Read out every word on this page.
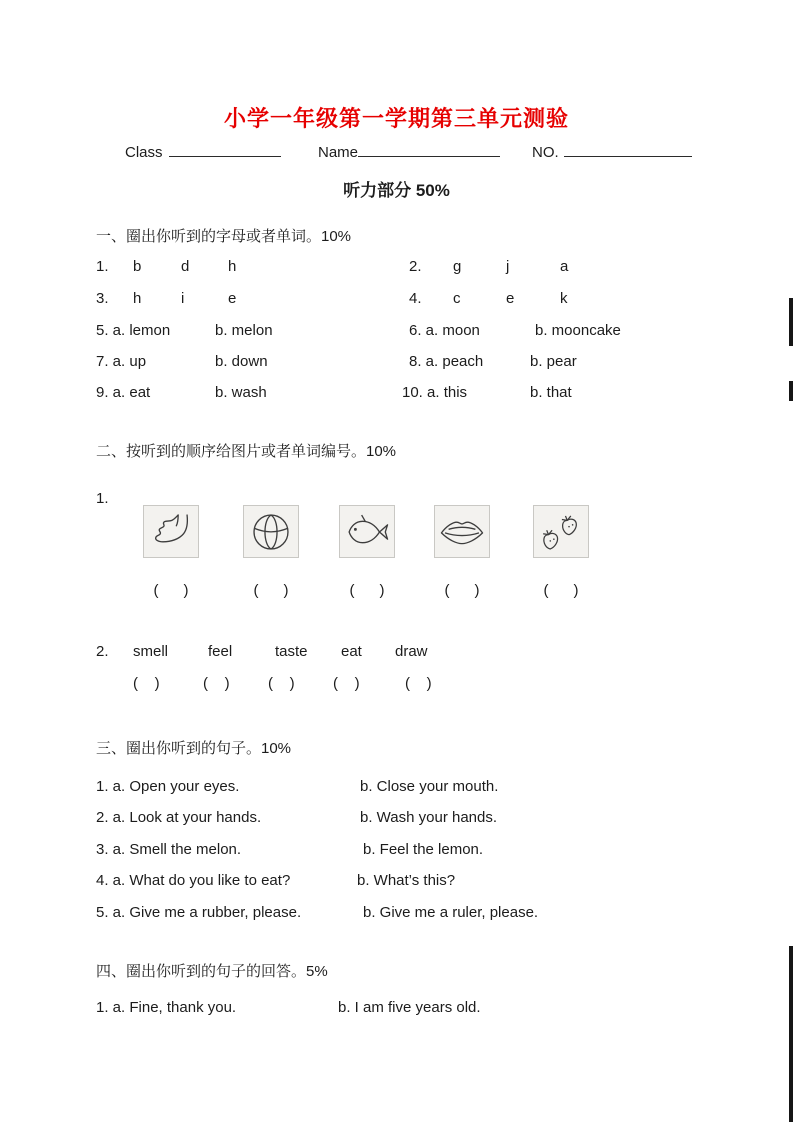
小学一年级第一学期第三单元测验
Class	Name	NO.
听力部分 50%
一、圈出你听到的字母或者单词。10%
1. b	d	h	2. g	j	a
3. h	i	e	4. c	e	k
5. a. lemon	b. melon	6. a. moon	b. mooncake
7. a. up	b. down	8. a. peach	b. pear
9. a. eat	b. wash	10. a. this	b. that
二、按听到的顺序给图片或者单词编号。10%
1.
(      )	(      )	(      )	(      )	(      )
2. smell	feel	taste eat draw
(    )	(    )	(    )	(    )	(    )
三、圈出你听到的句子。10%
1. a. Open your eyes.	b. Close your mouth.
2. a. Look at your hands.	b. Wash your hands.
3. a. Smell the melon.	b. Feel the lemon.
4. a. What do you like to eat?	b. What’s this?
5. a. Give me a rubber, please.	b. Give me a ruler, please.
四、圈出你听到的句子的回答。5%
1. a. Fine, thank you.	b. I am five years old.
